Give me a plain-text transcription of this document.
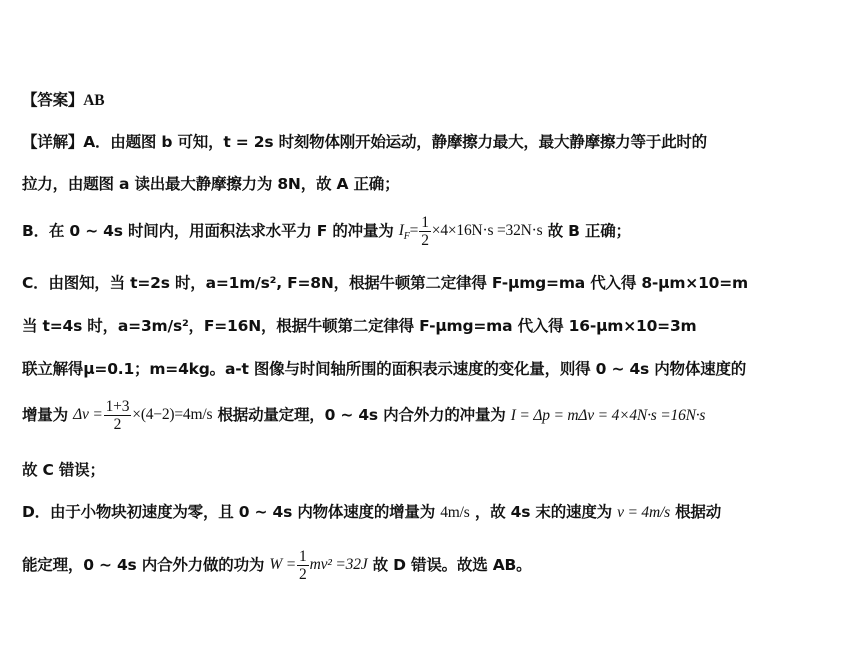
【答案】AB
【详解】A．由题图 b 可知，t = 2s 时刻物体刚开始运动，静摩擦力最大，最大静摩擦力等于此时的
拉力，由题图 a 读出最大静摩擦力为 8N，故 A 正确；
B．在 0 ~ 4s 时间内，用面积法求水平力 F 的冲量为 $I_F= \frac{1}{2} \times 4\times 16N\cdot s =32N\cdot s$ 故 B 正确；
C．由图知，当 t=2s 时，a=1m/s², F=8N，根据牛顿第二定律得 F-μmg=ma 代入得 8-μm×10=m
当 t=4s 时，a=3m/s²，F=16N，根据牛顿第二定律得 F-μmg=ma 代入得 16-μm×10=3m
联立解得μ=0.1；m=4kg。a-t 图像与时间轴所围的面积表示速度的变化量，则得 0 ~ 4s 内物体速度的
增量为 $\Delta v = \frac{1+3}{2} \times(4-2)=4m/s$ 根据动量定理，0 ~ 4s 内合外力的冲量为 I = Δp = mΔv = 4×4N·s =16N·s
故 C 错误；
D．由于小物块初速度为零，且 0 ~ 4s 内物体速度的增量为 4m/s ，故 4s 末的速度为 v = 4m/s 根据动
能定理，0 ~ 4s 内合外力做的功为 $W = \frac{1}{2} mv^2 =32J$ 故 D 错误。故选 AB。
